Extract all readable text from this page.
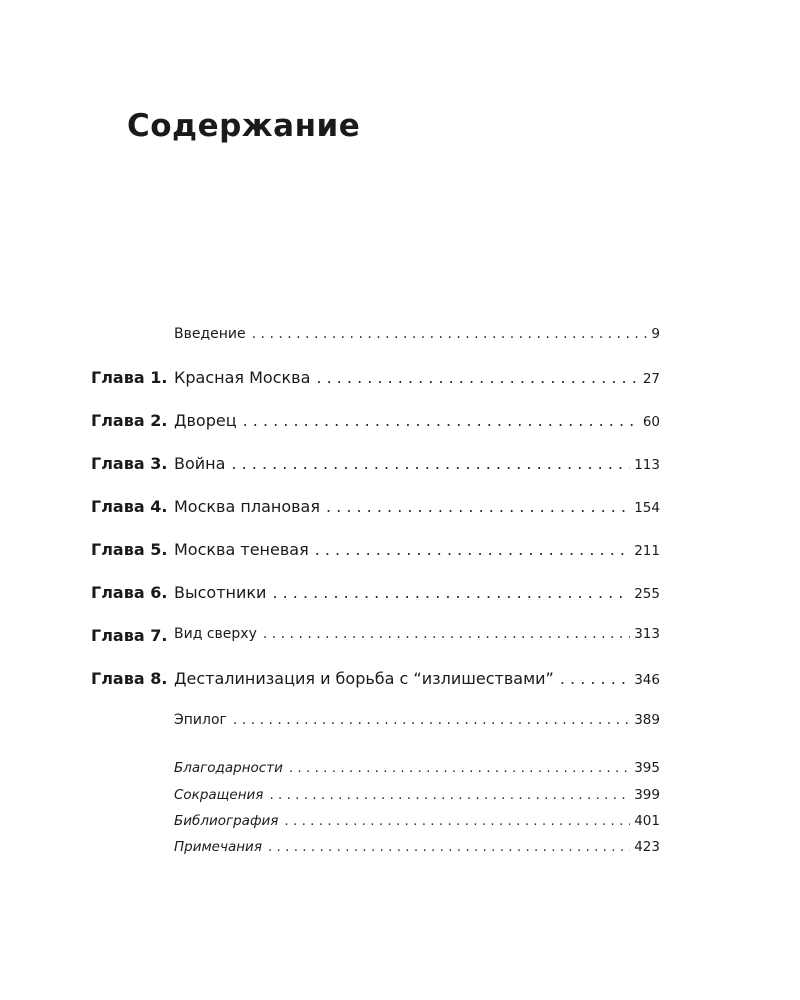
Содержание
Введение . . .	9
Глава 1. Красная Москва . . .	27
Глава 2. Дворец . . .	60
Глава 3. Война . . .	113
Глава 4. Москва плановая . . .	154
Глава 5. Москва теневая . . .	211
Глава 6. Высотники . . .	255
Глава 7. Вид сверху . . .	313
Глава 8. Десталинизация и борьба с “излишествами” . . .	346
Эпилог . . .	389
Благодарности . . .	395
Сокращения . . .	399
Библиография . . .	401
Примечания . . .	423
